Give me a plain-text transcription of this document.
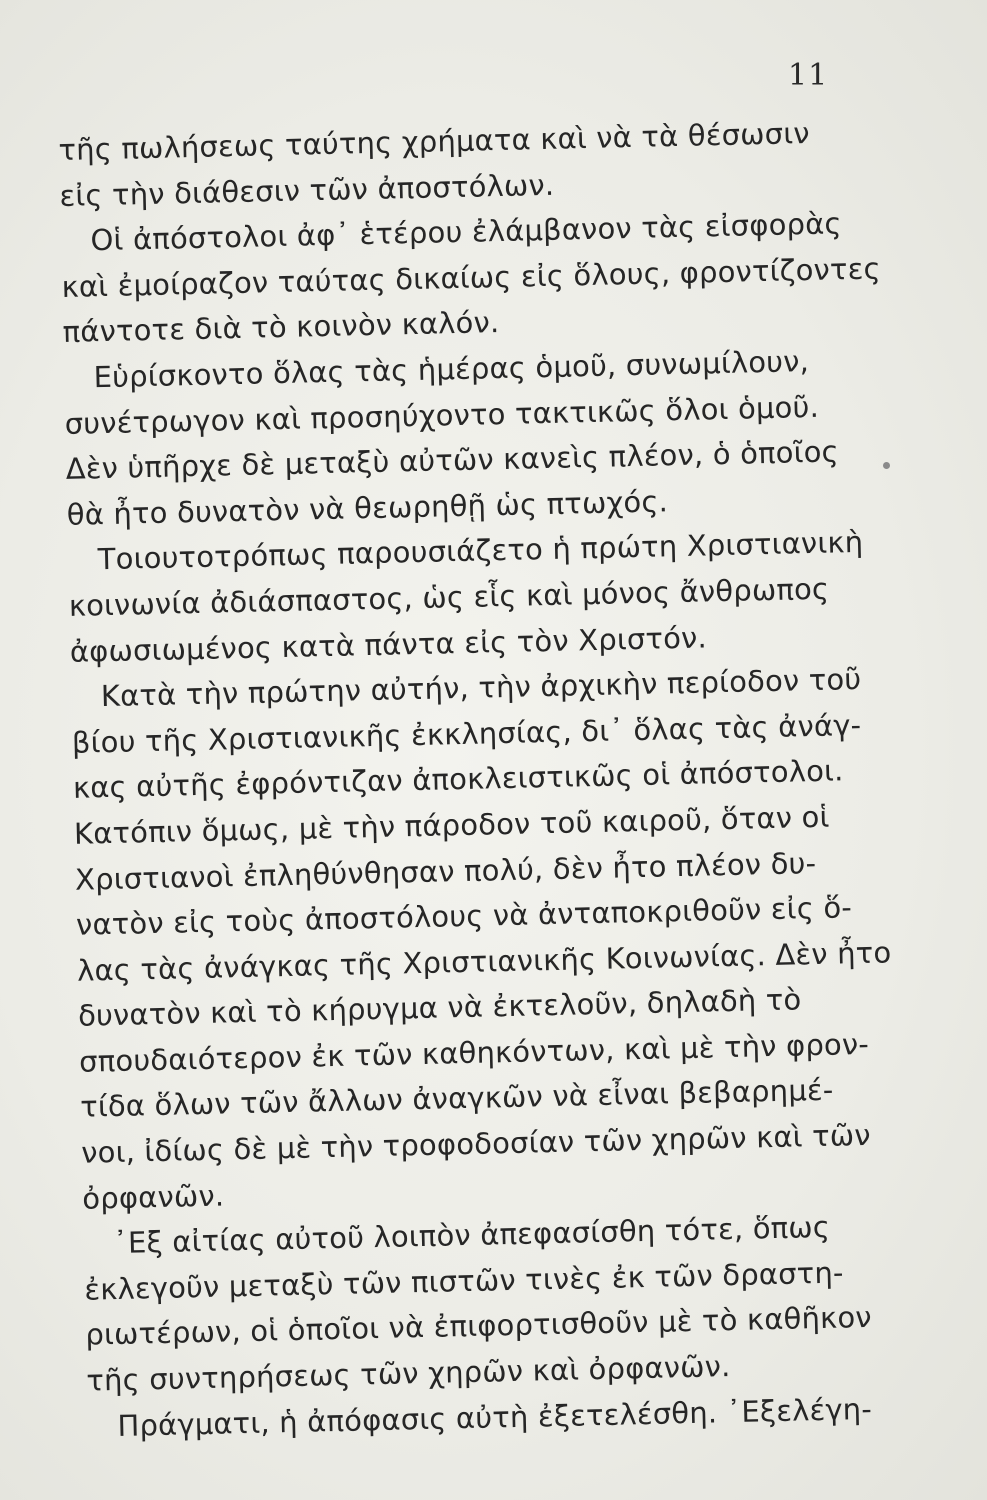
11
τῆς πωλήσεως ταύτης χρήματα καὶ νὰ τὰ θέσωσιν
εἰς τὴν διάθεσιν τῶν ἀποστόλων.
Οἱ ἀπόστολοι ἀφ᾽ ἑτέρου ἐλάμβανον τὰς εἰσφορὰς
καὶ ἐμοίραζον ταύτας δικαίως εἰς ὅλους, φροντίζοντες
πάντοτε διὰ τὸ κοινὸν καλόν.
Εὑρίσκοντο ὅλας τὰς ἡμέρας ὁμοῦ, συνωμίλουν,
συνέτρωγον καὶ προσηύχοντο τακτικῶς ὅλοι ὁμοῦ.
Δὲν ὑπῆρχε δὲ μεταξὺ αὐτῶν κανεὶς πλέον, ὁ ὁποῖος
θὰ ἦτο δυνατὸν νὰ θεωρηθῇ ὡς πτωχός.
Τοιουτοτρόπως παρουσιάζετο ἡ πρώτη Χριστιανικὴ
κοινωνία ἀδιάσπαστος, ὡς εἷς καὶ μόνος ἄνθρωπος
ἀφωσιωμένος κατὰ πάντα εἰς τὸν Χριστόν.
Κατὰ τὴν πρώτην αὐτήν, τὴν ἀρχικὴν περίοδον τοῦ
βίου τῆς Χριστιανικῆς ἐκκλησίας, δι᾽ ὅλας τὰς ἀνάγ-
κας αὐτῆς ἐφρόντιζαν ἀποκλειστικῶς οἱ ἀπόστολοι.
Κατόπιν ὅμως, μὲ τὴν πάροδον τοῦ καιροῦ, ὅταν οἱ
Χριστιανοὶ ἐπληθύνθησαν πολύ, δὲν ἦτο πλέον δυ-
νατὸν εἰς τοὺς ἀποστόλους νὰ ἀνταποκριθοῦν εἰς ὅ-
λας τὰς ἀνάγκας τῆς Χριστιανικῆς Κοινωνίας. Δὲν ἦτο
δυνατὸν καὶ τὸ κήρυγμα νὰ ἐκτελοῦν, δηλαδὴ τὸ
σπουδαιότερον ἐκ τῶν καθηκόντων, καὶ μὲ τὴν φρον-
τίδα ὅλων τῶν ἄλλων ἀναγκῶν νὰ εἶναι βεβαρημέ-
νοι, ἰδίως δὲ μὲ τὴν τροφοδοσίαν τῶν χηρῶν καὶ τῶν
ὀρφανῶν.
᾽Εξ αἰτίας αὐτοῦ λοιπὸν ἀπεφασίσθη τότε, ὅπως
ἐκλεγοῦν μεταξὺ τῶν πιστῶν τινὲς ἐκ τῶν δραστη-
ριωτέρων, οἱ ὁποῖοι νὰ ἐπιφορτισθοῦν μὲ τὸ καθῆκον
τῆς συντηρήσεως τῶν χηρῶν καὶ ὀρφανῶν.
Πράγματι, ἡ ἀπόφασις αὐτὴ ἐξετελέσθη. ᾽Εξελέγη-
